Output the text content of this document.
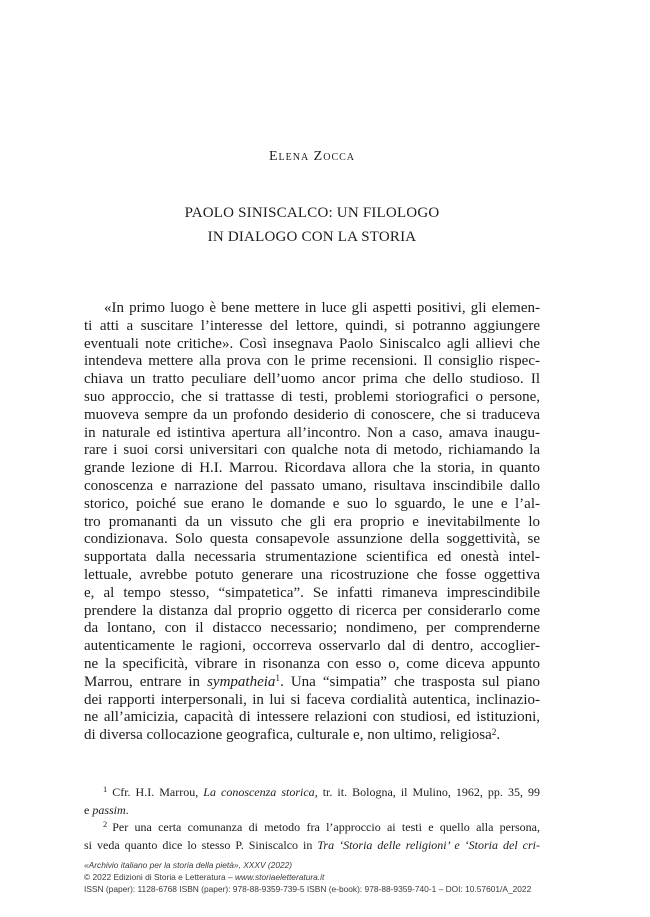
Elena Zocca
PAOLO SINISCALCO: UN FILOLOGO
IN DIALOGO CON LA STORIA
«In primo luogo è bene mettere in luce gli aspetti positivi, gli elemen-
ti atti a suscitare l’interesse del lettore, quindi, si potranno aggiungere
eventuali note critiche». Così insegnava Paolo Siniscalco agli allievi che
intendeva mettere alla prova con le prime recensioni. Il consiglio rispec-
chiava un tratto peculiare dell’uomo ancor prima che dello studioso. Il
suo approccio, che si trattasse di testi, problemi storiografici o persone,
muoveva sempre da un profondo desiderio di conoscere, che si traduceva
in naturale ed istintiva apertura all’incontro. Non a caso, amava inaugu-
rare i suoi corsi universitari con qualche nota di metodo, richiamando la
grande lezione di H.I. Marrou. Ricordava allora che la storia, in quanto
conoscenza e narrazione del passato umano, risultava inscindibile dallo
storico, poiché sue erano le domande e suo lo sguardo, le une e l’al-
tro promananti da un vissuto che gli era proprio e inevitabilmente lo
condizionava. Solo questa consapevole assunzione della soggettività, se
supportata dalla necessaria strumentazione scientifica ed onestà intel-
lettuale, avrebbe potuto generare una ricostruzione che fosse oggettiva
e, al tempo stesso, “simpatetica”. Se infatti rimaneva imprescindibile
prendere la distanza dal proprio oggetto di ricerca per considerarlo come
da lontano, con il distacco necessario; nondimeno, per comprenderne
autenticamente le ragioni, occorreva osservarlo dal di dentro, accoglier-
ne la specificità, vibrare in risonanza con esso o, come diceva appunto
Marrou, entrare in sympatheia$^1$. Una “simpatia” che trasposta sul piano
dei rapporti interpersonali, in lui si faceva cordialità autentica, inclinazio-
ne all’amicizia, capacità di intessere relazioni con studiosi, ed istituzioni,
di diversa collocazione geografica, culturale e, non ultimo, religiosa$^2$.
$^1$ Cfr. H.I. Marrou, La conoscenza storica, tr. it. Bologna, il Mulino, 1962, pp. 35, 99
e passim.
$^2$ Per una certa comunanza di metodo fra l’approccio ai testi e quello alla persona,
si veda quanto dice lo stesso P. Siniscalco in Tra ‘Storia delle religioni’ e ‘Storia del cri-
«Archivio italiano per la storia della pietà», XXXV (2022)
© 2022 Edizioni di Storia e Letteratura – www.storiaeletteratura.it
ISSN (paper): 1128-6768 ISBN (paper): 978-88-9359-739-5 ISBN (e-book): 978-88-9359-740-1 – DOI: 10.57601/A_2022
